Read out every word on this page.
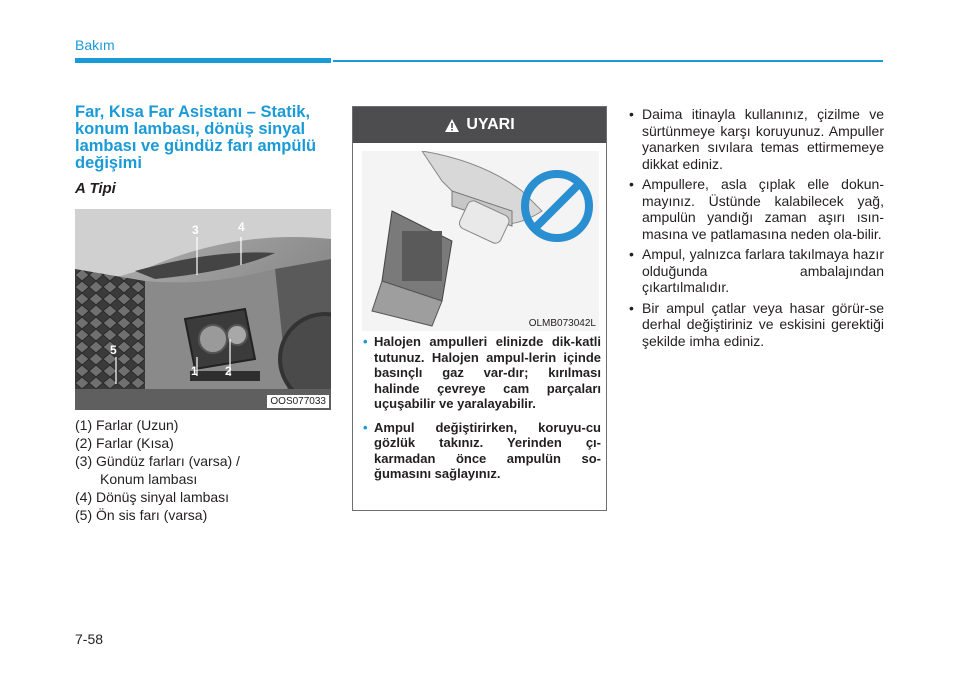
Bakım
Far, Kısa Far Asistanı – Statik, konum lambası, dönüş sinyal lambası ve gündüz farı ampülü değişimi
A Tipi
3	4
1 2
5
OOS077033
(1) Farlar (Uzun)
(2) Farlar (Kısa)
(3) Gündüz farları (varsa) /
Konum lambası
(4) Dönüş sinyal lambası
(5) Ön sis farı (varsa)
UYARI
OLMB073042L
• Halojen ampulleri elinizde dik-katli tutunuz. Halojen ampul-lerin içinde basınçlı gaz var-dır; kırılması halinde çevreye cam parçaları uçuşabilir ve yaralayabilir.
• Ampul değiştirirken, koruyu-cu gözlük takınız. Yerinden çı-karmadan önce ampulün so-ğumasını sağlayınız.
• Daima itinayla kullanınız, çizilme ve sürtünmeye karşı koruyunuz. Ampuller yanarken sıvılara temas ettirmemeye dikkat ediniz.
• Ampullere, asla çıplak elle dokun-mayınız. Üstünde kalabilecek yağ, ampulün yandığı zaman aşırı ısın-masına ve patlamasına neden ola-bilir.
• Ampul, yalnızca farlara takılmaya hazır olduğunda ambalajından çıkartılmalıdır.
• Bir ampul çatlar veya hasar görür-se derhal değiştiriniz ve eskisini gerektiği şekilde imha ediniz.
7-58
